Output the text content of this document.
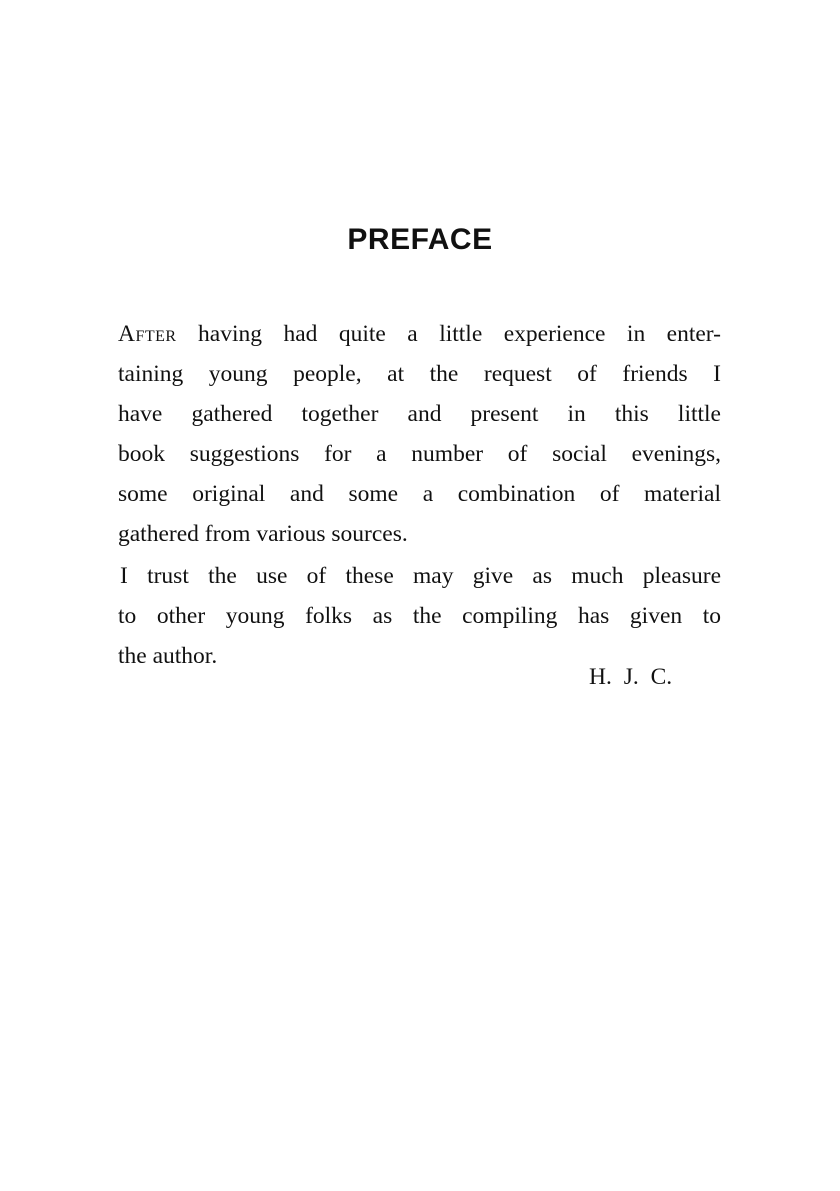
PREFACE
After having had quite a little experience in enter-
taining young people, at the request of friends I
have gathered together and present in this little
book suggestions for a number of social evenings,
some original and some a combination of material
gathered from various sources.
I trust the use of these may give as much pleasure
to other young folks as the compiling has given to
the author.
H. J. C.
